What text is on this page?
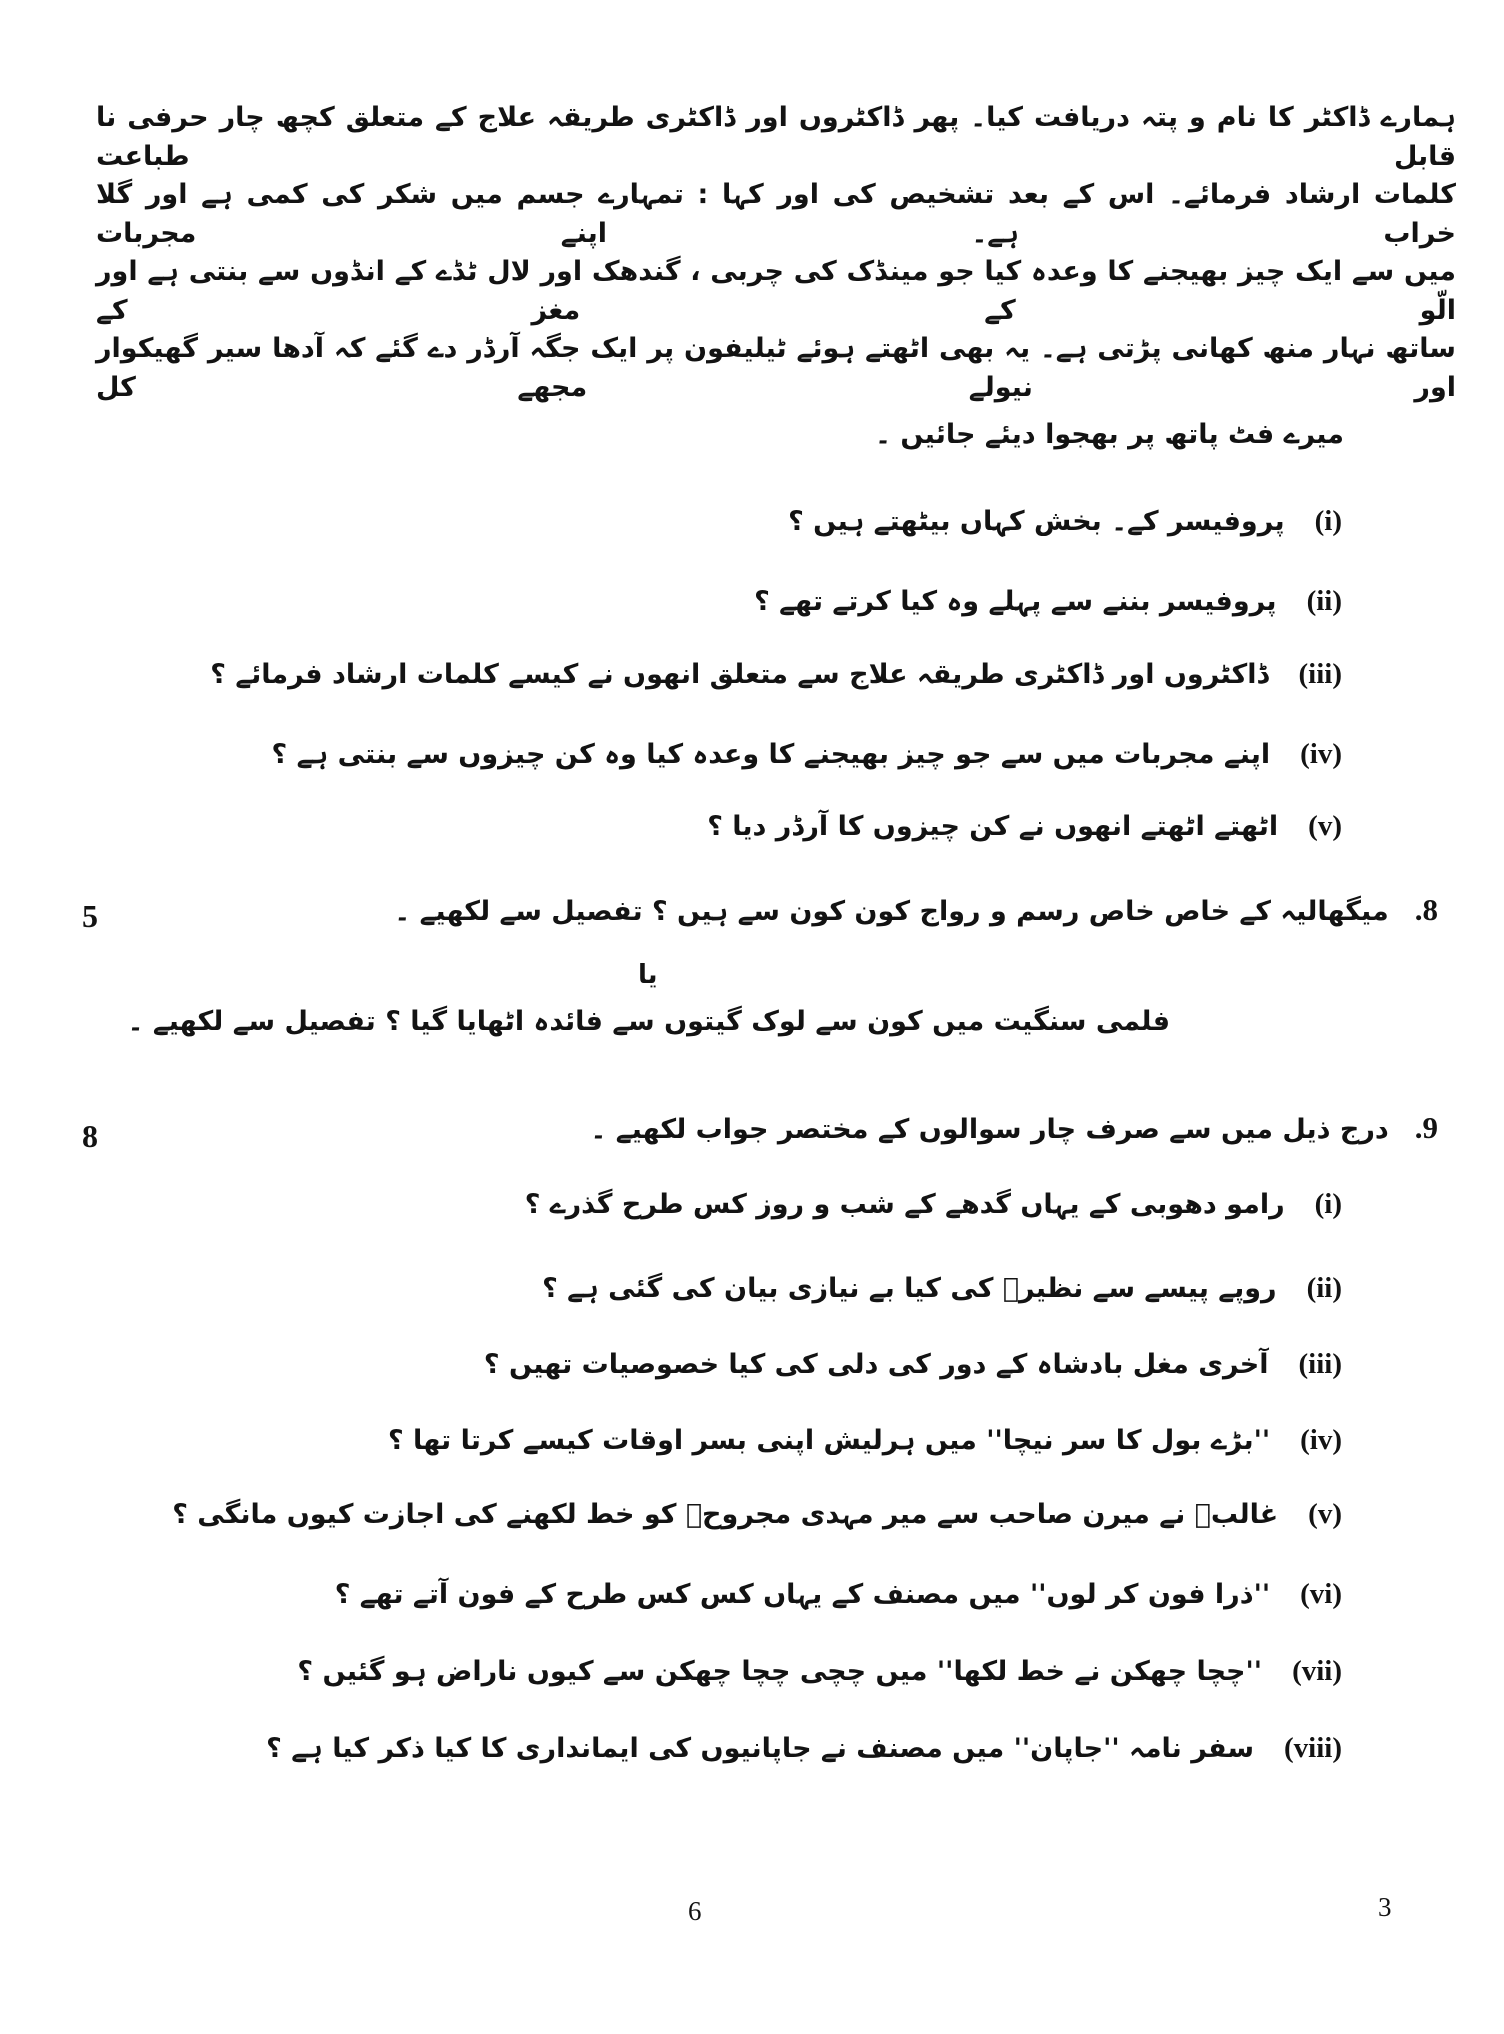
ہمارے ڈاکٹر کا نام و پتہ دریافت کیا۔ پھر ڈاکٹروں اور ڈاکٹری طریقہ علاج کے متعلق کچھ چار حرفی نا قابل طباعت
کلمات ارشاد فرمائے۔ اس کے بعد تشخیص کی اور کہا : تمہارے جسم میں شکر کی کمی ہے اور گلا خراب ہے۔ اپنے مجربات
میں سے ایک چیز بھیجنے کا وعدہ کیا جو مینڈک کی چربی ، گندھک اور لال ٹڈے کے انڈوں سے بنتی ہے اور الّو کے مغز کے
ساتھ نہار منھ کھانی پڑتی ہے۔ یہ بھی اٹھتے ہوئے ٹیلیفون پر ایک جگہ آرڈر دے گئے کہ آدھا سیر گھیکوار اور نیولے مجھے کل
میرے فٹ پاتھ پر بھجوا دیئے جائیں ۔
(i)
پروفیسر کے۔ بخش کہاں بیٹھتے ہیں ؟
(ii)
پروفیسر بننے سے پہلے وہ کیا کرتے تھے ؟
(iii)
ڈاکٹروں اور ڈاکٹری طریقہ علاج سے متعلق انھوں نے کیسے کلمات ارشاد فرمائے ؟
(iv)
اپنے مجربات میں سے جو چیز بھیجنے کا وعدہ کیا وہ کن چیزوں سے بنتی ہے ؟
(v)
اٹھتے اٹھتے انھوں نے کن چیزوں کا آرڈر دیا ؟
5	8.
میگھالیہ کے خاص خاص رسم و رواج کون کون سے ہیں ؟ تفصیل سے لکھیے ۔
یا
فلمی سنگیت میں کون سے لوک گیتوں سے فائدہ اٹھایا گیا ؟ تفصیل سے لکھیے ۔
8	9.
درج ذیل میں سے صرف چار سوالوں کے مختصر جواب لکھیے ۔
(i)
رامو دھوبی کے یہاں گدھے کے شب و روز کس طرح گذرے ؟
(ii)
روپے پیسے سے نظیرؔ کی کیا بے نیازی بیان کی گئی ہے ؟
(iii)
آخری مغل بادشاہ کے دور کی دلی کی کیا خصوصیات تھیں ؟
(iv)
''بڑے بول کا سر نیچا'' میں ہرلیش اپنی بسر اوقات کیسے کرتا تھا ؟
(v)
غالبؔ نے میرن صاحب سے میر مہدی مجروحؔ کو خط لکھنے کی اجازت کیوں مانگی ؟
(vi)
''ذرا فون کر لوں'' میں مصنف کے یہاں کس کس طرح کے فون آتے تھے ؟
(vii)
''چچا چھکن نے خط لکھا'' میں چچی چچا چھکن سے کیوں ناراض ہو گئیں ؟
(viii)
سفر نامہ ''جاپان'' میں مصنف نے جاپانیوں کی ایمانداری کا کیا ذکر کیا ہے ؟
6	3
